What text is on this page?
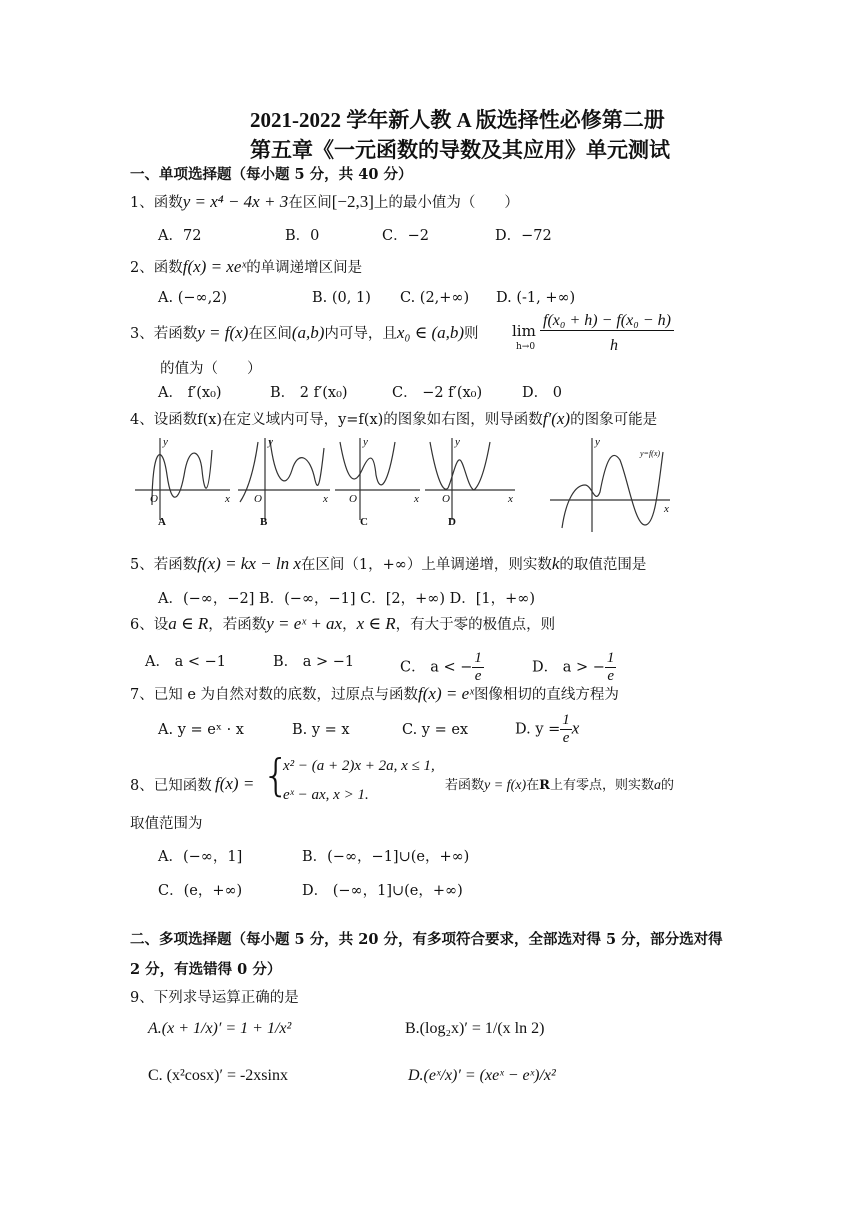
2021-2022 学年新人教 A 版选择性必修第二册
第五章《一元函数的导数及其应用》单元测试
一、单项选择题（每小题 5 分，共 40 分）
1、函数y = x⁴ − 4x + 3在区间[−2,3]上的最小值为（　　）
A．72	B．0	C．−2	D．−72
2、函数f(x) = xeˣ的单调递增区间是
A. (−∞,2)	B. (0, 1) C. (2,+∞) D. (-1, +∞)
3、若函数y = f(x)在区间(a,b)内可导，且x₀ ∈ (a,b)则 lim
h→0
f(x₀ + h) − f(x₀ − h)
h
的值为（　　）
A． f′(x₀)	B． 2 f′(x₀)	C． −2 f′(x₀)	D． 0
4、设函数f(x)在定义域内可导，y=f(x)的图象如右图，则导函数f′(x)的图象可能是
y
x
O
y
x
O
y
x
O
y
x
O
y
x
y=f(x)
A	B	C	D
5、若函数f(x) = kx − ln x在区间（1，+∞）上单调递增，则实数k的取值范围是
A．(−∞，−2] B．(−∞，−1] C．[2，+∞) D．[1，+∞)
6、设a ∈ R，若函数y = eˣ + ax，x ∈ R，有大于零的极值点，则
A． a < −1	B． a > −1	C． a < − $\frac{1}{e}$	D． a > − $\frac{1}{e}$
7、已知 e 为自然对数的底数，过原点与函数f(x) = eˣ图像相切的直线方程为
A. y = eˣ · x	B. y = x	C. y = ex	D. $y = \frac{1}{e}$ x
8、已知函数 f(x) = {
x² − (a + 2)x + 2a, x ≤ 1,
eˣ − ax, x > 1.
若函数y = f(x)在R上有零点，则实数a的
取值范围为
A．(−∞，1]	B．(−∞，−1]∪(e，+∞)
C．(e，+∞)	D． (−∞，1]∪(e，+∞)
二、多项选择题（每小题 5 分，共 20 分，有多项符合要求，全部选对得 5 分，部分选对得
2 分，有选错得 0 分）
9、下列求导运算正确的是
A.(x + 1/x)′ = 1 + 1/x²	B.(log₂x)′ = 1/(x ln 2)
C. (x²cosx)′ = -2xsinx	D.(eˣ/x)′ = (xeˣ − eˣ)/x²
